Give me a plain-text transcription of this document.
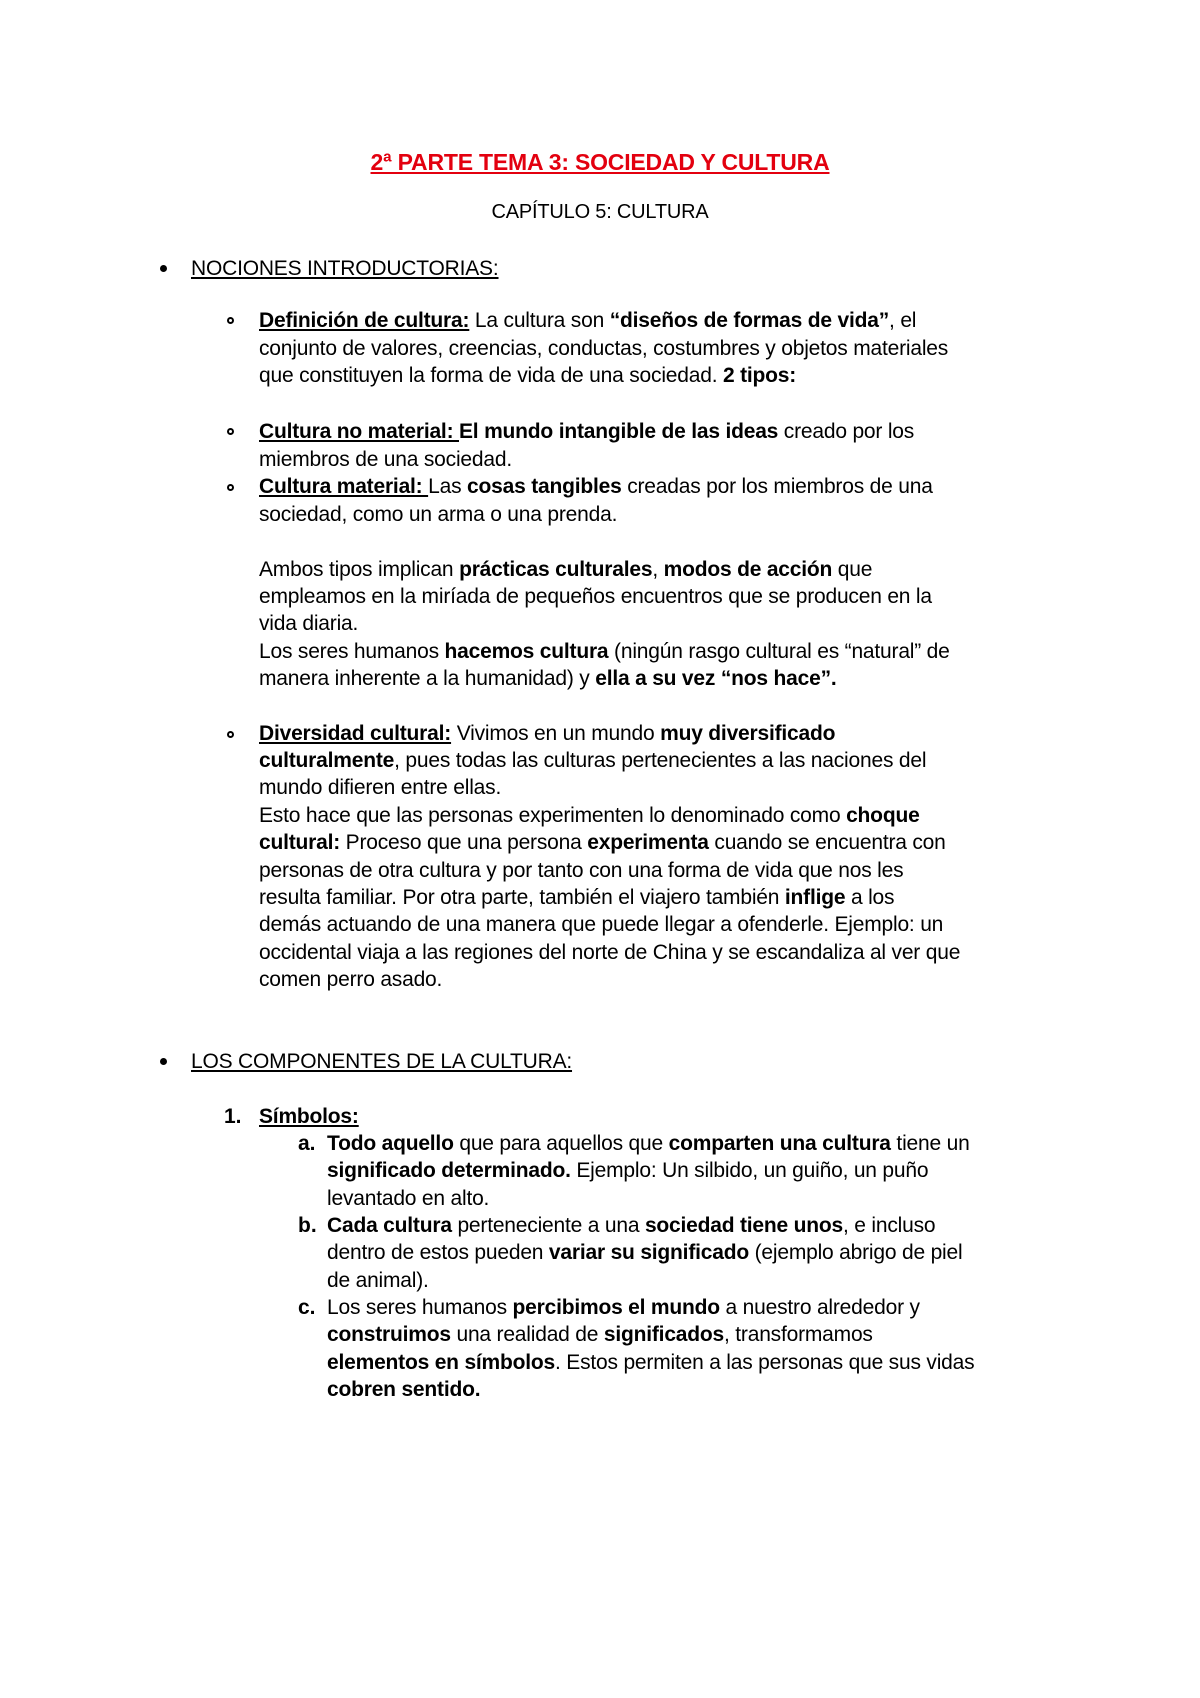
2ª PARTE TEMA 3: SOCIEDAD Y CULTURA
CAPÍTULO 5: CULTURA
NOCIONES INTRODUCTORIAS:
Definición de cultura: La cultura son “diseños de formas de vida”, el
conjunto de valores, creencias, conductas, costumbres y objetos materiales
que constituyen la forma de vida de una sociedad. 2 tipos:
Cultura no material: El mundo intangible de las ideas creado por los
miembros de una sociedad.
Cultura material: Las cosas tangibles creadas por los miembros de una
sociedad, como un arma o una prenda.
Ambos tipos implican prácticas culturales, modos de acción que
empleamos en la miríada de pequeños encuentros que se producen en la
vida diaria.
Los seres humanos hacemos cultura (ningún rasgo cultural es “natural” de
manera inherente a la humanidad) y ella a su vez “nos hace”.
Diversidad cultural: Vivimos en un mundo muy diversificado
culturalmente, pues todas las culturas pertenecientes a las naciones del
mundo difieren entre ellas.
Esto hace que las personas experimenten lo denominado como choque
cultural: Proceso que una persona experimenta cuando se encuentra con
personas de otra cultura y por tanto con una forma de vida que nos les
resulta familiar. Por otra parte, también el viajero también inflige a los
demás actuando de una manera que puede llegar a ofenderle. Ejemplo: un
occidental viaja a las regiones del norte de China y se escandaliza al ver que
comen perro asado.
LOS COMPONENTES DE LA CULTURA:
1. Símbolos:
a. Todo aquello que para aquellos que comparten una cultura tiene un
significado determinado. Ejemplo: Un silbido, un guiño, un puño
levantado en alto.
b. Cada cultura perteneciente a una sociedad tiene unos, e incluso
dentro de estos pueden variar su significado (ejemplo abrigo de piel
de animal).
c. Los seres humanos percibimos el mundo a nuestro alrededor y
construimos una realidad de significados, transformamos
elementos en símbolos. Estos permiten a las personas que sus vidas
cobren sentido.
